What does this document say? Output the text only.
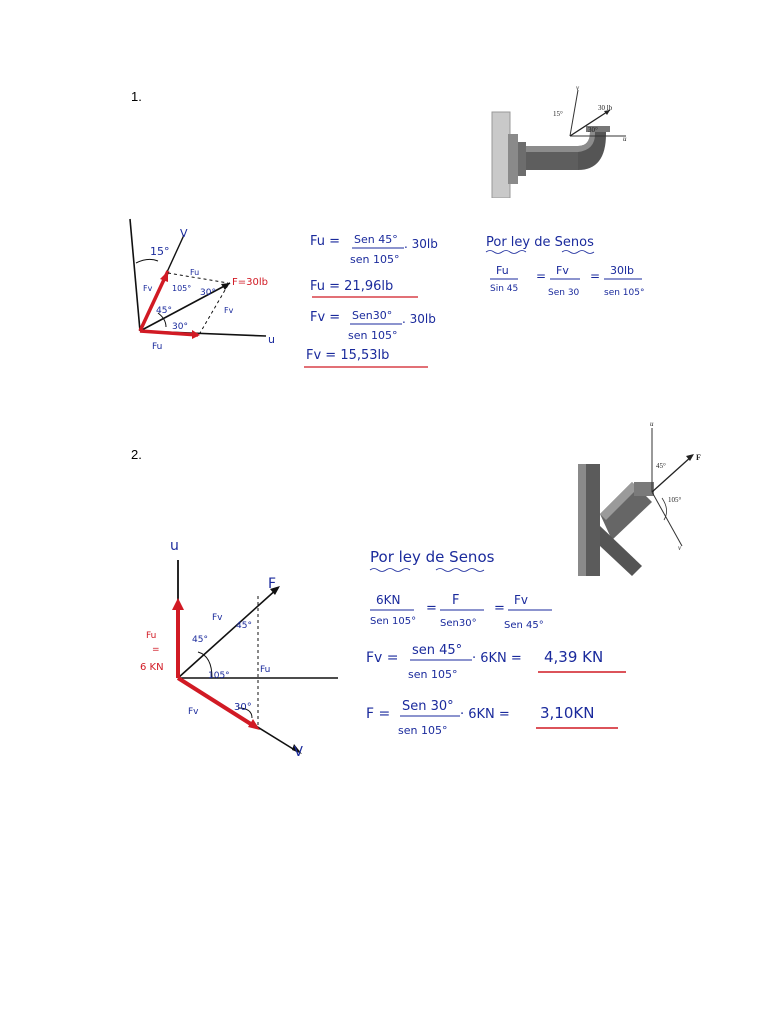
1.
15°
30 lb
30°
v
u
15°
V
Fv 105°
Fu
F=30lb
30°
45°
30°
Fv
Fu
u
Fu = Sen 45°
sen 105°
. 30lb
Fu = 21,96lb
Fv = Sen30°
sen 105°
. 30lb
Fv = 15,53lb
Por ley de Senos
Fu
Sin 45
= Fv
Sen 30
= 30lb
sen 105°
2.
u
45°
F
105°
v
u
F
Fv
45°
45°
Fu
=
6 KN
105°
Fu
Fv	30°
V
Por ley de Senos
6KN
Sen 105°
=
F
Sen30°
=
Fv
Sen 45°
Fv = sen 45°
sen 105°
· 6KN = 4,39 KN
F = Sen 30°
sen 105°
· 6KN = 3,10KN
